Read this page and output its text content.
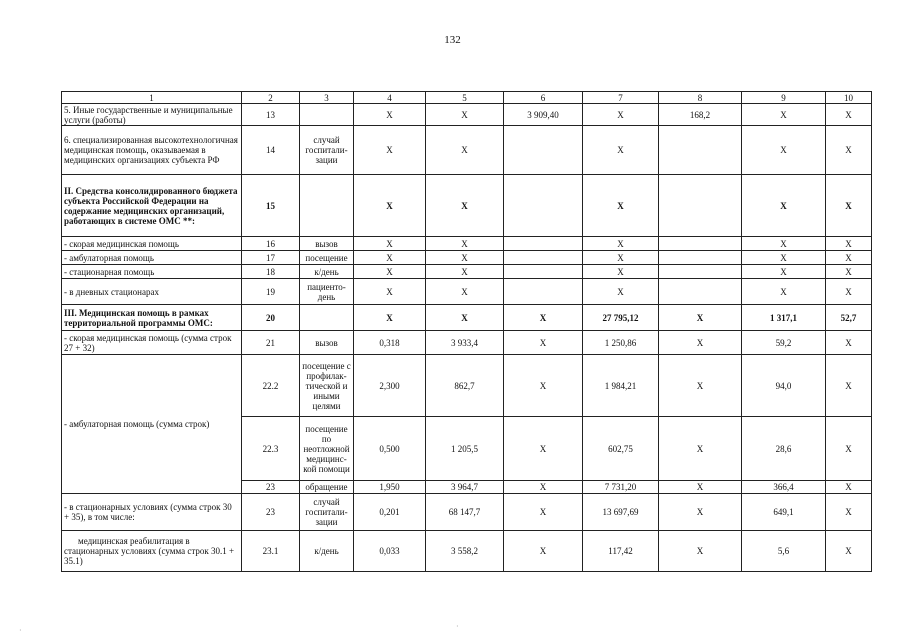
132
1	2	3	4	5	6	7	8	9	10
5. Иные государственные и муниципальные услуги (работы)	13		X	X	3 909,40	X	168,2	X	X
6. специализированная высокотехнологичная медицинская помощь, оказываемая в медицинских организациях субъекта РФ	14	случай госпитали-зации	X	X		X		X	X
II. Средства консолидированного бюджета субъекта Российской Федерации на содержание медицинских организаций, работающих в системе ОМС **:	15		X	X		X		X	X
- скорая медицинская помощь	16	вызов	X	X		X		X	X
- амбулаторная помощь	17	посещение	X	X		X		X	X
- стационарная помощь	18	к/день	X	X		X		X	X
- в дневных стационарах	19	пациенто-день	X	X		X		X	X
III. Медицинская помощь в рамках территориальной программы ОМС:	20		X	X	X	27 795,12	X	1 317,1	52,7
- скорая медицинская помощь (сумма строк 27 + 32)	21	вызов	0,318	3 933,4	X	1 250,86	X	59,2	X
- амбулаторная помощь (сумма строк)	22.2	посещение с профилак-тической и иными целями	2,300	862,7	X	1 984,21	X	94,0	X
	22.3	посещение по неотложной медицинс-кой помощи	0,500	1 205,5	X	602,75	X	28,6	X
	23	обращение	1,950	3 964,7	X	7 731,20	X	366,4	X
- в стационарных условиях (сумма строк 30 + 35), в том числе:	23	случай госпитали-зации	0,201	68 147,7	X	13 697,69	X	649,1	X
медицинская реабилитация в стационарных условиях (сумма строк 30.1 + 35.1)	23.1	к/день	0,033	3 558,2	X	117,42	X	5,6	X
·	·
